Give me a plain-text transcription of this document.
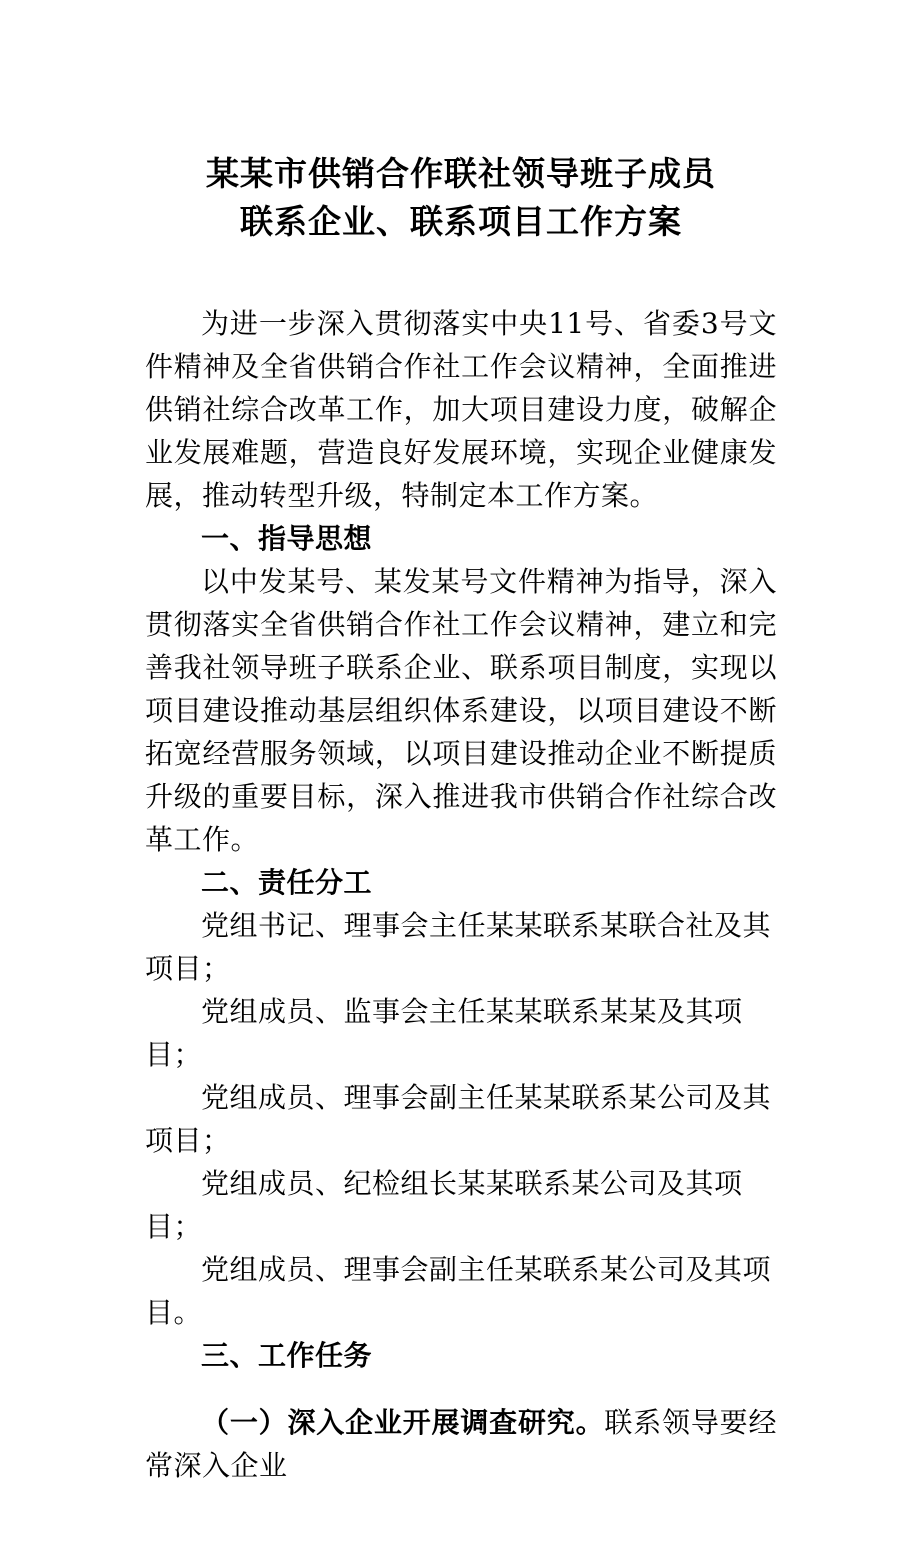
某某市供销合作联社领导班子成员
联系企业、联系项目工作方案

为进一步深入贯彻落实中央11号、省委3号文件精神及全省供销合作社工作会议精神，全面推进供销社综合改革工作，加大项目建设力度，破解企业发展难题，营造良好发展环境，实现企业健康发展，推动转型升级，特制定本工作方案。

一、指导思想

以中发某号、某发某号文件精神为指导，深入贯彻落实全省供销合作社工作会议精神，建立和完善我社领导班子联系企业、联系项目制度，实现以项目建设推动基层组织体系建设，以项目建设不断拓宽经营服务领域，以项目建设推动企业不断提质升级的重要目标，深入推进我市供销合作社综合改革工作。

二、责任分工

党组书记、理事会主任某某联系某联合社及其项目；

党组成员、监事会主任某某联系某某及其项目；

党组成员、理事会副主任某某联系某公司及其项目；

党组成员、纪检组长某某联系某公司及其项目；

党组成员、理事会副主任某联系某公司及其项目。

三、工作任务

（一）深入企业开展调查研究。联系领导要经常深入企业
